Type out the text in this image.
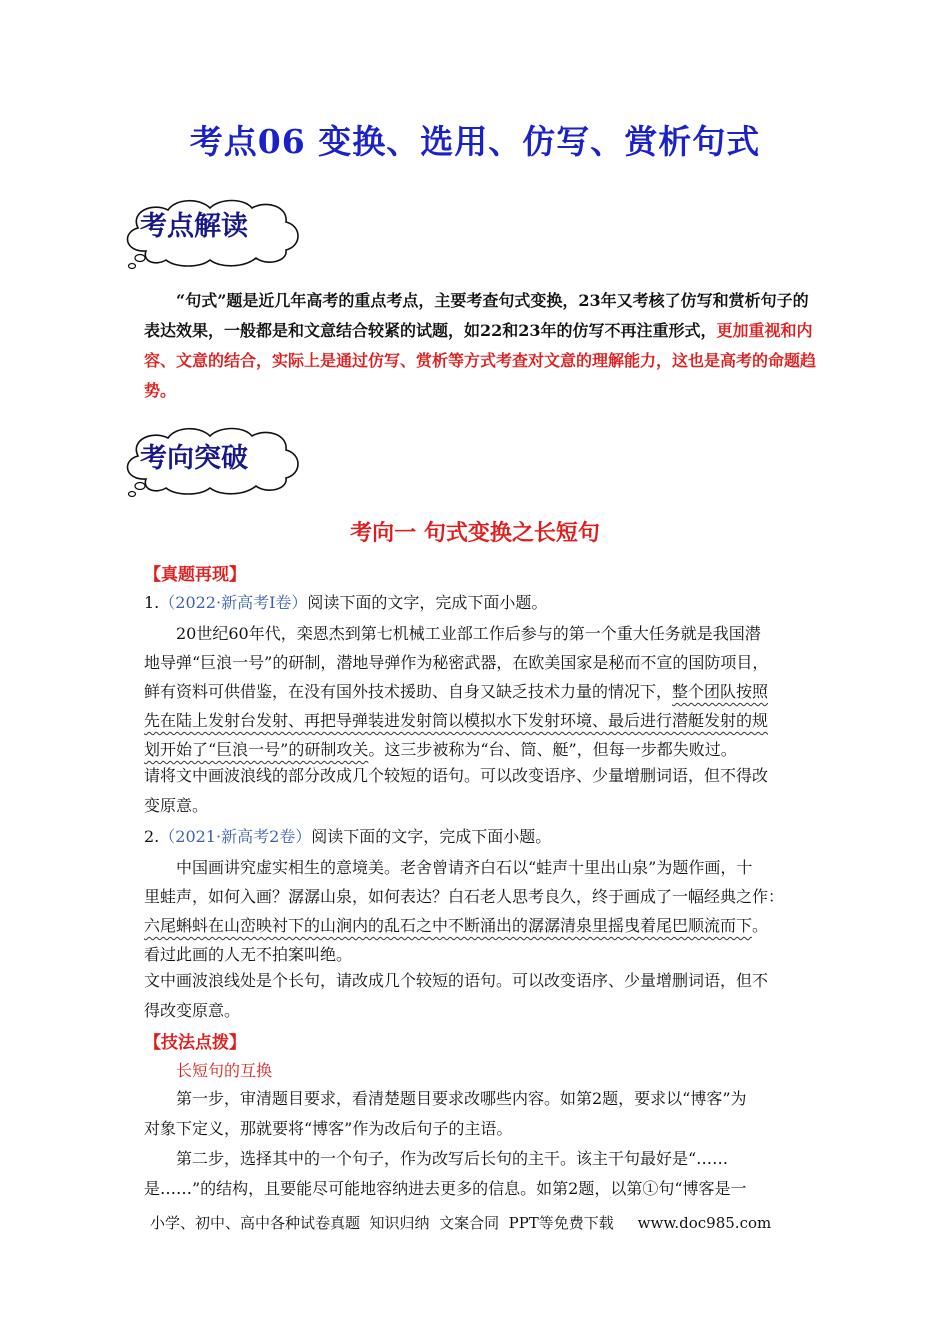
考点06 变换、选用、仿写、赏析句式
考点解读
“句式”题是近几年高考的重点考点，主要考查句式变换，23年又考核了仿写和赏析句子的表达效果，一般都是和文意结合较紧的试题，如22和23年的仿写不再注重形式，更加重视和内容、文意的结合，实际上是通过仿写、赏析等方式考查对文意的理解能力，这也是高考的命题趋势。
考向突破
考向一 句式变换之长短句
【真题再现】
1.（2022·新高考I卷）阅读下面的文字，完成下面小题。
20世纪60年代，栾恩杰到第七机械工业部工作后参与的第一个重大任务就是我国潜
地导弹“巨浪一号”的研制，潜地导弹作为秘密武器，在欧美国家是秘而不宣的国防项目，
鲜有资料可供借鉴，在没有国外技术援助、自身又缺乏技术力量的情况下，整个团队按照
先在陆上发射台发射、再把导弹装进发射筒以模拟水下发射环境、最后进行潜艇发射的规
划开始了“巨浪一号”的研制攻关。这三步被称为“台、筒、艇”，但每一步都失败过。
请将文中画波浪线的部分改成几个较短的语句。可以改变语序、少量增删词语，但不得改
变原意。
2.（2021·新高考2卷）阅读下面的文字，完成下面小题。
中国画讲究虚实相生的意境美。老舍曾请齐白石以“蛙声十里出山泉”为题作画，十
里蛙声，如何入画？潺潺山泉，如何表达？白石老人思考良久，终于画成了一幅经典之作：
六尾蝌蚪在山峦映衬下的山涧内的乱石之中不断涌出的潺潺清泉里摇曳着尾巴顺流而下。
看过此画的人无不拍案叫绝。
文中画波浪线处是个长句，请改成几个较短的语句。可以改变语序、少量增删词语，但不
得改变原意。
【技法点拨】
长短句的互换
第一步，审清题目要求，看清楚题目要求改哪些内容。如第2题，要求以“博客”为
对象下定义，那就要将“博客”作为改后句子的主语。
第二步，选择其中的一个句子，作为改写后长句的主干。该主干句最好是“……
是……”的结构，且要能尽可能地容纳进去更多的信息。如第2题，以第①句“博客是一
小学、初中、高中各种试卷真题  知识归纳  文案合同  PPT等免费下载     www.doc985.com
